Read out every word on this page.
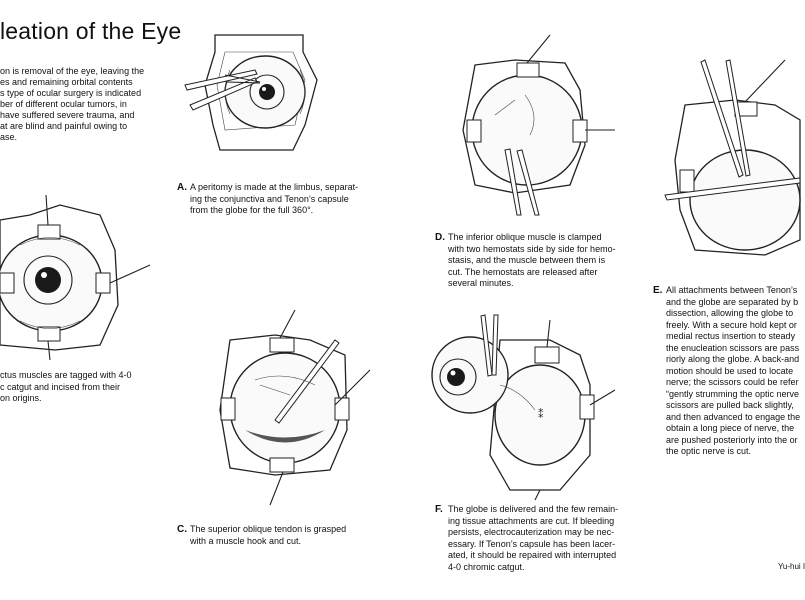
leation of the Eye
on is removal of the eye, leaving the
es and remaining orbital contents
s type of ocular surgery is indicated
ber of different ocular tumors, in
have suffered severe trauma, and
at are blind and painful owing to
ase.
A. A peritomy is made at the limbus, separat-
ing the conjunctiva and Tenon’s capsule
from the globe for the full 360°.
ctus muscles are tagged with 4-0
c catgut and incised from their
on origins.
C. The superior oblique tendon is grasped
with a muscle hook and cut.
D. The inferior oblique muscle is clamped
with two hemostats side by side for hemo-
stasis, and the muscle between them is
cut. The hemostats are released after
several minutes.
E. All attachments between Tenon’s
and the globe are separated by b
dissection, allowing the globe to
freely. With a secure hold kept or
medial rectus insertion to steady
the enucleation scissors are pass
riorly along the globe. A back-and
motion should be used to locate
nerve; the scissors could be refer
“gently strumming the optic nerve
scissors are pulled back slightly,
and then advanced to engage the
obtain a long piece of nerve, the
are pushed posteriorly into the or
the optic nerve is cut.
⁑
F. The globe is delivered and the few remain-
ing tissue attachments are cut. If bleeding
persists, electrocauterization may be nec-
essary. If Tenon’s capsule has been lacer-
ated, it should be repaired with interrupted
4-0 chromic catgut.	Yu-hui I
